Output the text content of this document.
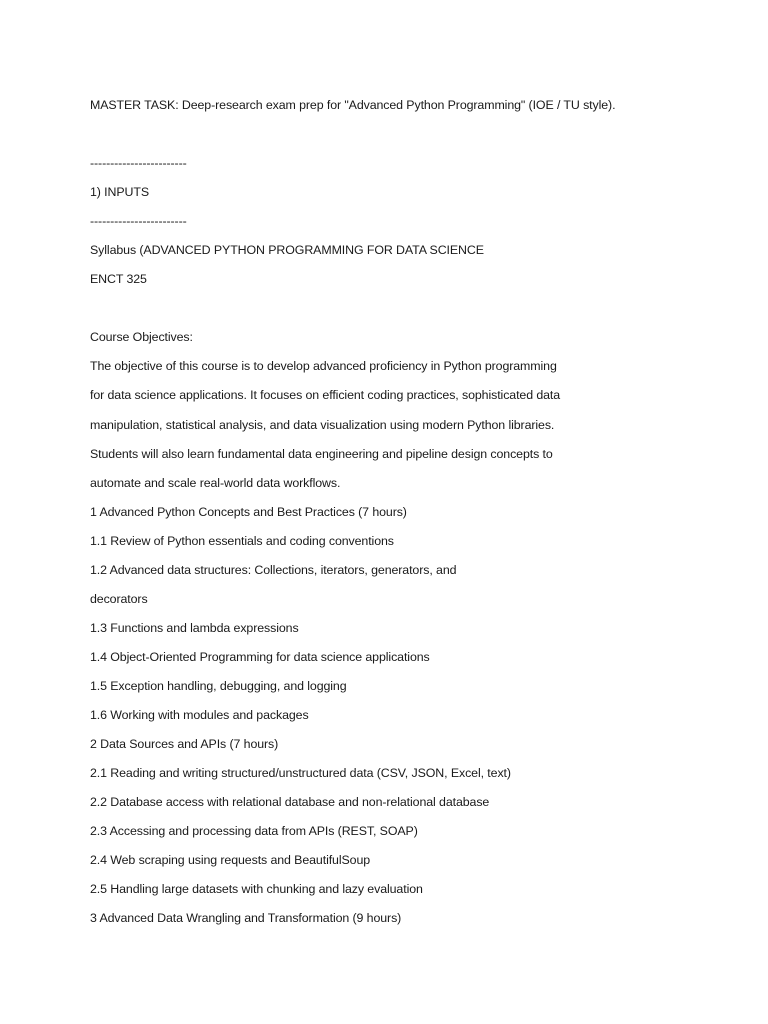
MASTER TASK: Deep-research exam prep for "Advanced Python Programming" (IOE / TU style).
------------------------
1) INPUTS
------------------------
Syllabus (ADVANCED PYTHON PROGRAMMING FOR DATA SCIENCE
ENCT 325
Course Objectives:
The objective of this course is to develop advanced proficiency in Python programming
for data science applications. It focuses on efficient coding practices, sophisticated data
manipulation, statistical analysis, and data visualization using modern Python libraries.
Students will also learn fundamental data engineering and pipeline design concepts to
automate and scale real-world data workflows.
1 Advanced Python Concepts and Best Practices (7 hours)
1.1 Review of Python essentials and coding conventions
1.2 Advanced data structures: Collections, iterators, generators, and
decorators
1.3 Functions and lambda expressions
1.4 Object-Oriented Programming for data science applications
1.5 Exception handling, debugging, and logging
1.6 Working with modules and packages
2 Data Sources and APIs (7 hours)
2.1 Reading and writing structured/unstructured data (CSV, JSON, Excel, text)
2.2 Database access with relational database and non-relational database
2.3 Accessing and processing data from APIs (REST, SOAP)
2.4 Web scraping using requests and BeautifulSoup
2.5 Handling large datasets with chunking and lazy evaluation
3 Advanced Data Wrangling and Transformation (9 hours)
